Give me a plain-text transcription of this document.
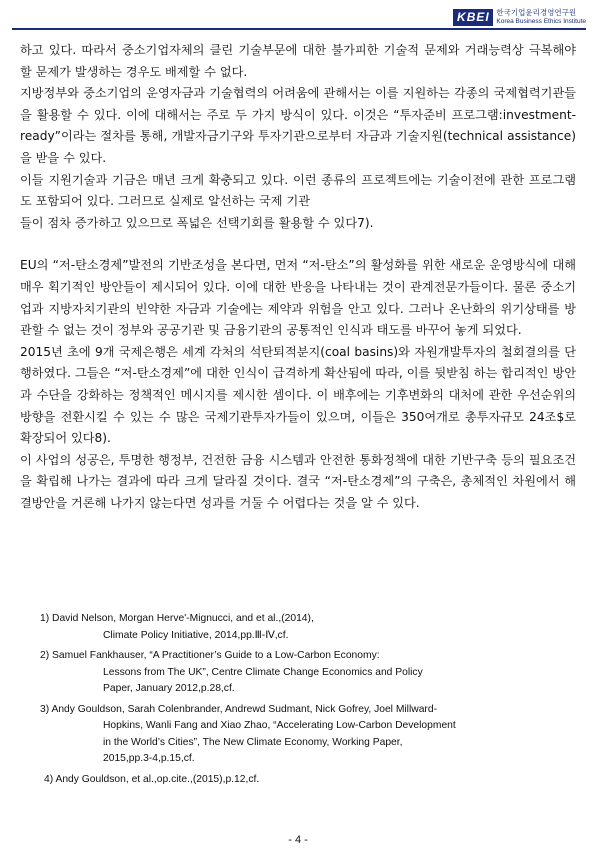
KBEI 한국기업윤리경영연구원
Korea Business Ethics Institute

하고 있다. 따라서 중소기업자체의 클린 기술부문에 대한 불가피한 기술적 문제와 거래능력상 극복해야 할 문제가 발생하는 경우도 배제할 수 없다.

지방정부와 중소기업의 운영자금과 기술협력의 어려움에 관해서는 이를 지원하는 각종의 국제협력기관들을 활용할 수 있다. 이에 대해서는 주로 두 가지 방식이 있다. 이것은 “투자준비 프로그램:investment-ready”이라는 절차를 통해, 개발자금기구와 투자기관으로부터 자금과 기술지원(technical assistance)을 받을 수 있다.

이들 지원기술과 기금은 매년 크게 확충되고 있다. 이런 종류의 프로젝트에는 기술이전에 관한 프로그램도 포함되어 있다. 그러므로 실제로 알선하는 국제 기관

들이 점차 증가하고 있으므로 폭넓은 선택기회를 활용할 수 있다7).

EU의 “저-탄소경제”발전의 기반조성을 본다면, 먼저 “저-탄소”의 활성화를 위한 새로운 운영방식에 대해 매우 획기적인 방안들이 제시되어 있다. 이에 대한 반응을 나타내는 것이 관계전문가들이다. 물론 중소기업과 지방자치기관의 빈약한 자금과 기술에는 제약과 위험을 안고 있다. 그러나 온난화의 위기상태를 방관할 수 없는 것이 정부와 공공기관 및 금융기관의 공통적인 인식과 태도를 바꾸어 놓게 되었다.

2015년 초에 9개 국제은행은 세계 각처의 석탄퇴적분지(coal basins)와 자원개발투자의 철회결의를 단행하였다. 그들은 “저-탄소경제”에 대한 인식이 급격하게 확산됨에 따라, 이를 뒷받침 하는 합리적인 방안과 수단을 강화하는 정책적인 메시지를 제시한 셈이다. 이 배후에는 기후변화의 대처에 관한 우선순위의 방향을 전환시킬 수 있는 수 많은 국제기관투자가들이 있으며, 이들은 350여개로 총투자규모 24조$로 확장되어 있다8).

이 사업의 성공은, 투명한 행정부, 건전한 금융 시스템과 안전한 통화정책에 대한 기반구축 등의 필요조건을 확립해 나가는 결과에 따라 크게 달라질 것이다. 결국 “저-탄소경제”의 구축은, 총체적인 차원에서 해결방안을 거론해 나가지 않는다면 성과를 거둘 수 어렵다는 것을 알 수 있다.

1) David Nelson, Morgan Herve'-Mignucci, and et al.,(2014),
Climate Policy Initiative, 2014,pp.Ⅲ-Ⅳ,cf.

2) Samuel Fankhauser, “A Practitioner’s Guide to a Low-Carbon Economy:
Lessons from The UK”, Centre Climate Change Economics and Policy
Paper, January 2012,p.28,cf.

3) Andy Gouldson, Sarah Colenbrander, Andrewd Sudmant, Nick Gofrey, Joel Millward-
Hopkins, Wanli Fang and Xiao Zhao, “Accelerating Low-Carbon Development
in the World’s Cities”, The New Climate Economy, Working Paper,
2015,pp.3-4,p.15,cf.

4) Andy Gouldson, et al.,op.cite.,(2015),p.12,cf.

- 4 -
